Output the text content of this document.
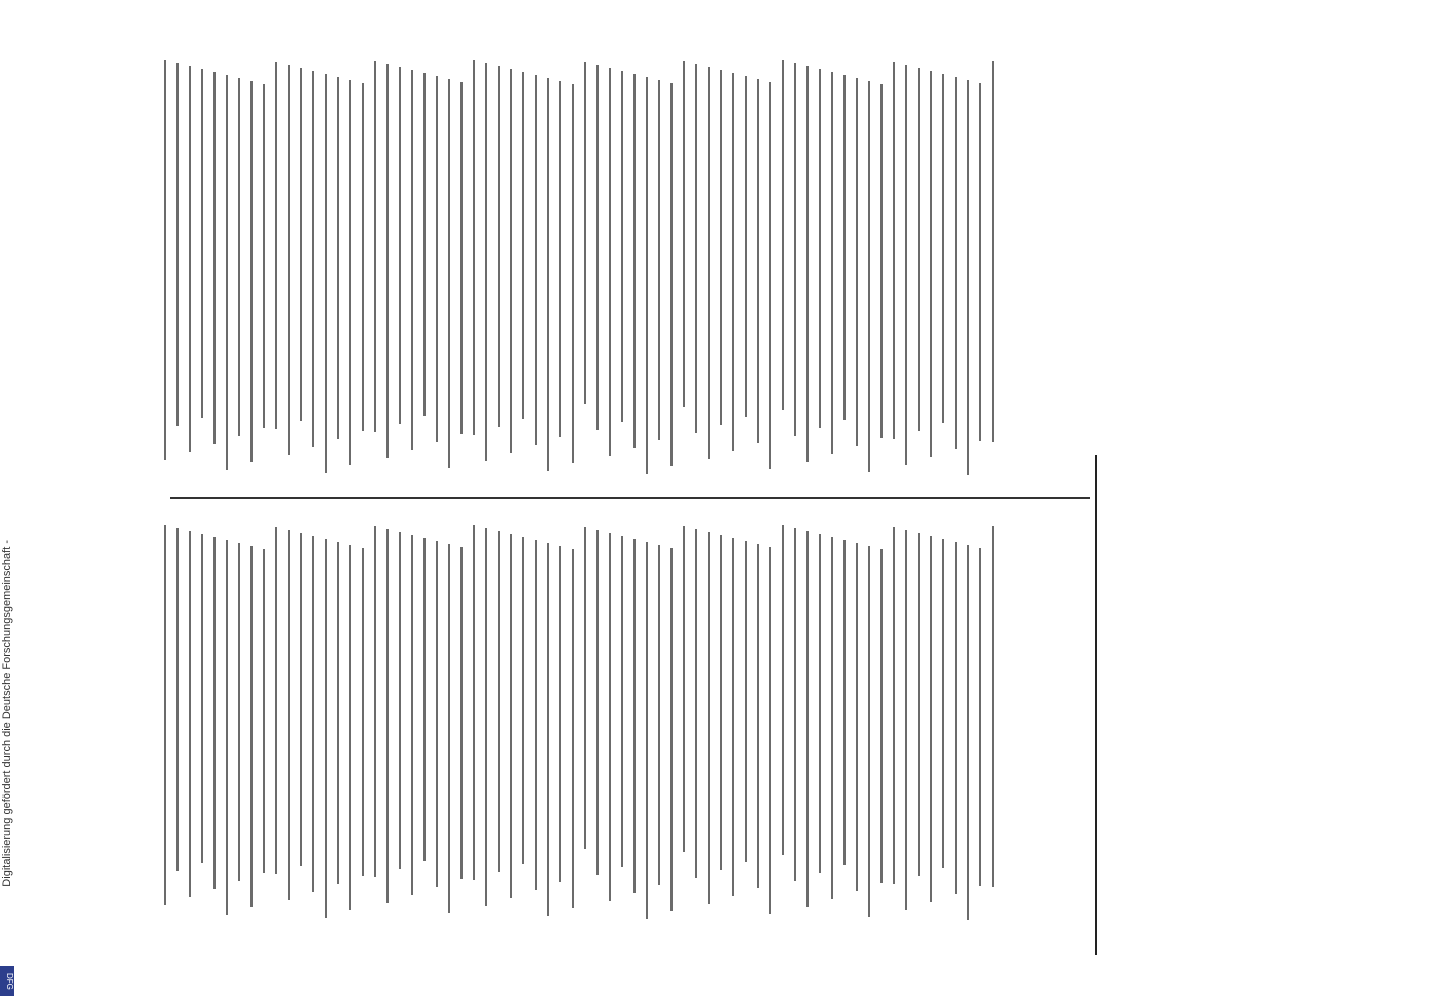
Digitalisierung gefördert durch die Deutsche Forschungsgemeinschaft -
DFG
